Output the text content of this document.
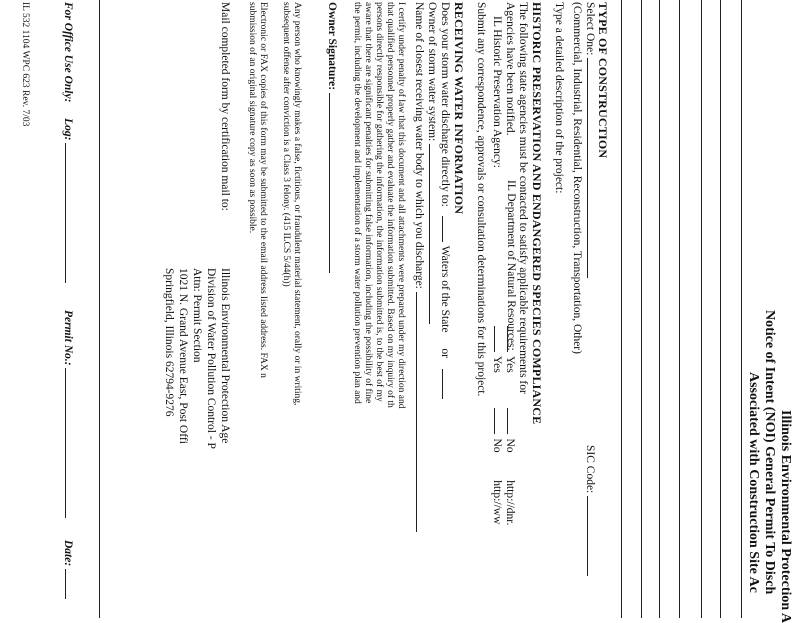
Illinois Environmental Protection A
Notice of Intent (NOI) General Permit To Disch
Associated with Construction Site Ac
TYPE OF CONSTRUCTION
Select One:
SIC Code:
(Commercial, Industrial, Residential, Reconstruction, Transportation, Other)
Type a detailed description of the project:
HISTORIC PRESERVATION AND ENDANGERED SPECIES COMPLIANCE
The following state agencies must be contacted to satisfy applicable requirements for
Agencies have been notified.
IL Historic Preservation Agency:
IL Department of Natural Resources:
Yes  No  http://ww
Yes  No  http://dnr.
Submit any correspondence, approvals or consultation determinations for this project.
RECEIVING WATER INFORMATION
Does your storm water discharge directly to: Waters of the State  or
Owner of storm water system:
Name of closest receiving water body to which you discharge:
I certify under penalty of law that this document and all attachments were prepared under my direction and
that qualified personnel properly gather and evaluate the information submitted. Based on my inquiry of th
persons directly responsible for gathering the information, the information submitted is, to the best of my
aware that there are significant penalties for submitting false information, including the possibility of fine
the permit, including the development and implementation of a storm water pollution prevention plan and
Owner Signature:
Any person who knowingly makes a false, fictitious, or fraudulent material statement, orally or in writing,
subsequent offense after conviction is a Class 3 felony. (415 ILCS 5/44(h))
Electronic or FAX copies of this form may be submitted to the email address listed address. FAX n
submission of an original signature copy as soon as possible.
Mail completed form by certification mail to:
Illinois Environmental Protection Age
Division of Water Pollution Control - P
Attn: Permit Section
1021 N. Grand Avenue East, Post Offi
Springfield, Illinois 62794-9276
For Office Use Only:  Log:
Permit No.:
Date:
IL 532 1104 WPC 623 Rev. 7/03
